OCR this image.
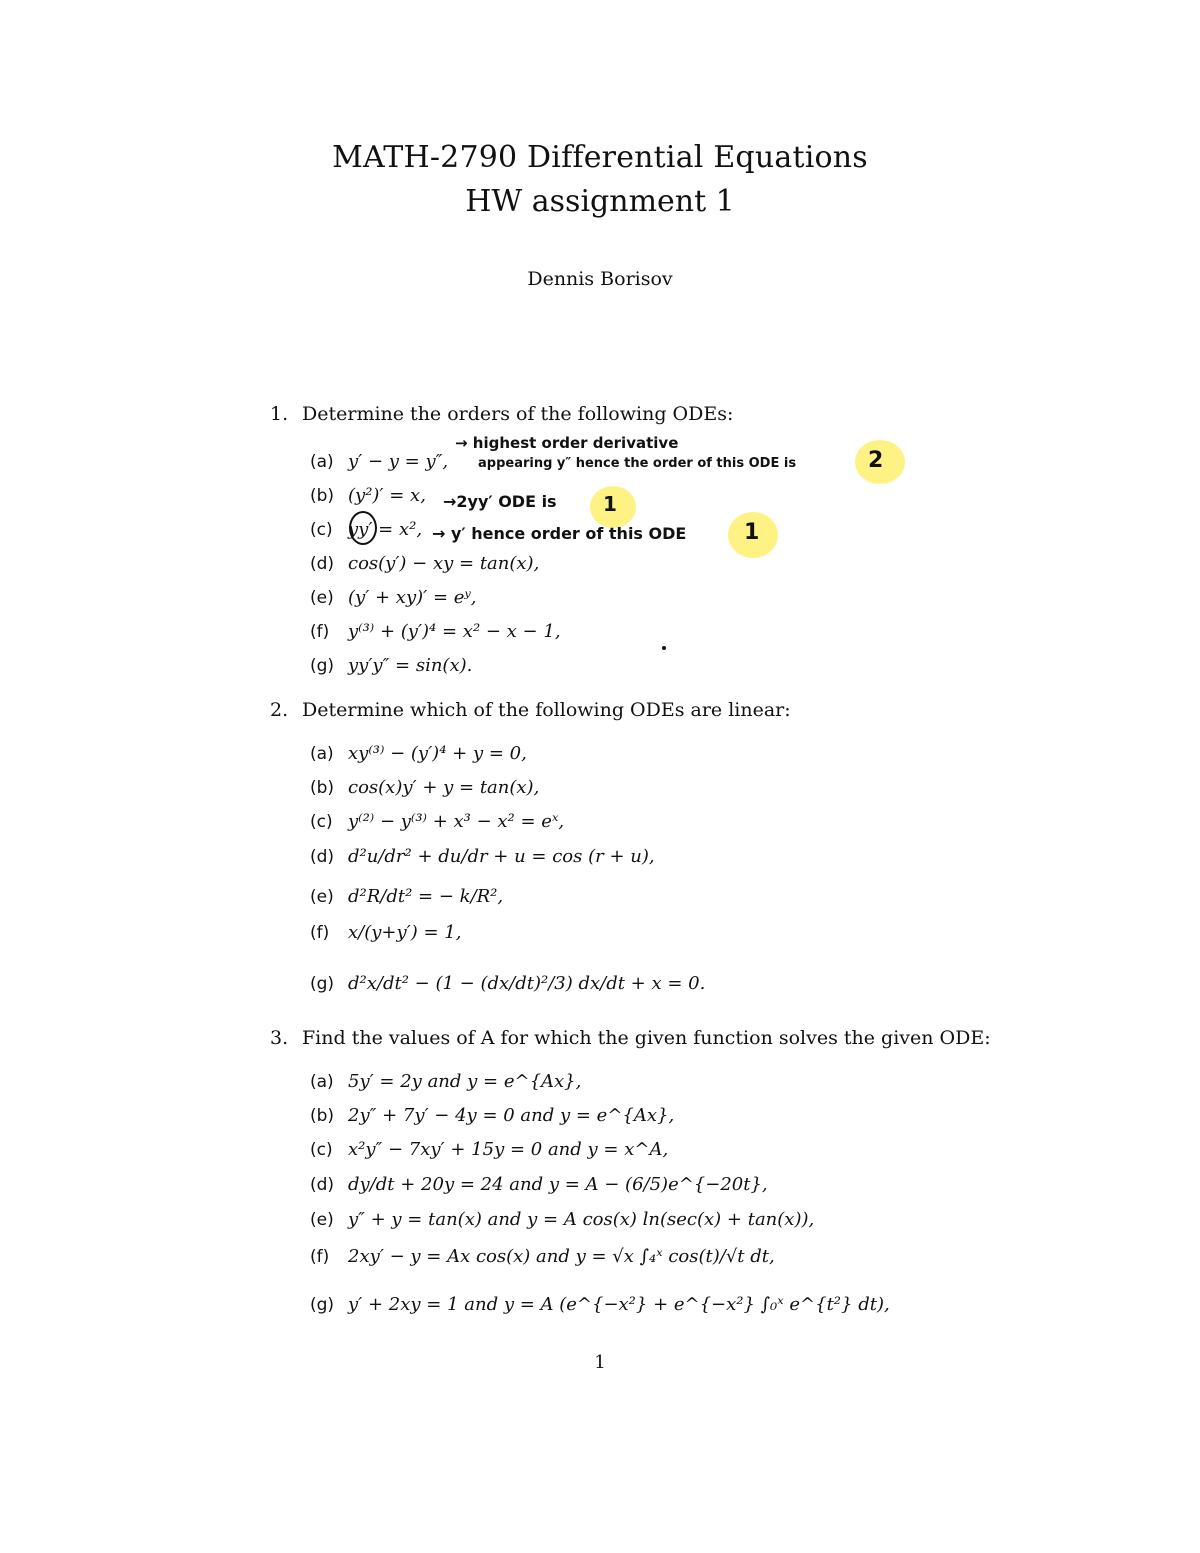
MATH-2790 Differential Equations
HW assignment 1
Dennis Borisov
1. Determine the orders of the following ODEs:
(a) y′ − y = y″,
(b) (y²)′ = x,
(c) yy′ = x²,
(d) cos(y′) − xy = tan(x),
(e) (y′ + xy)′ = eʸ,
(f) y⁽³⁾ + (y′)⁴ = x² − x − 1,
(g) yy′y″ = sin(x).
→ highest order derivative
appearing y″ hence the order of this ODE is	2
→2yy′ ODE is 1
→ y′ hence order of this ODE	1
2. Determine which of the following ODEs are linear:
(a) xy⁽³⁾ − (y′)⁴ + y = 0,
(b) cos(x)y′ + y = tan(x),
(c) y⁽²⁾ − y⁽³⁾ + x³ − x² = eˣ,
(d) d²u/dr² + du/dr + u = cos (r + u),
(e) d²R/dt² = − k/R²,
(f) x/(y+y′) = 1,
(g) d²x/dt² − (1 − (dx/dt)²/3) dx/dt + x = 0.
3. Find the values of A for which the given function solves the given ODE:
(a) 5y′ = 2y and y = e^{Ax},
(b) 2y″ + 7y′ − 4y = 0 and y = e^{Ax},
(c) x²y″ − 7xy′ + 15y = 0 and y = x^A,
(d) dy/dt + 20y = 24 and y = A − (6/5)e^{−20t},
(e) y″ + y = tan(x) and y = A cos(x) ln(sec(x) + tan(x)),
(f) 2xy′ − y = Ax cos(x) and y = √x ∫₄ˣ cos(t)/√t dt,
(g) y′ + 2xy = 1 and y = A (e^{−x²} + e^{−x²} ∫₀ˣ e^{t²} dt),
1
